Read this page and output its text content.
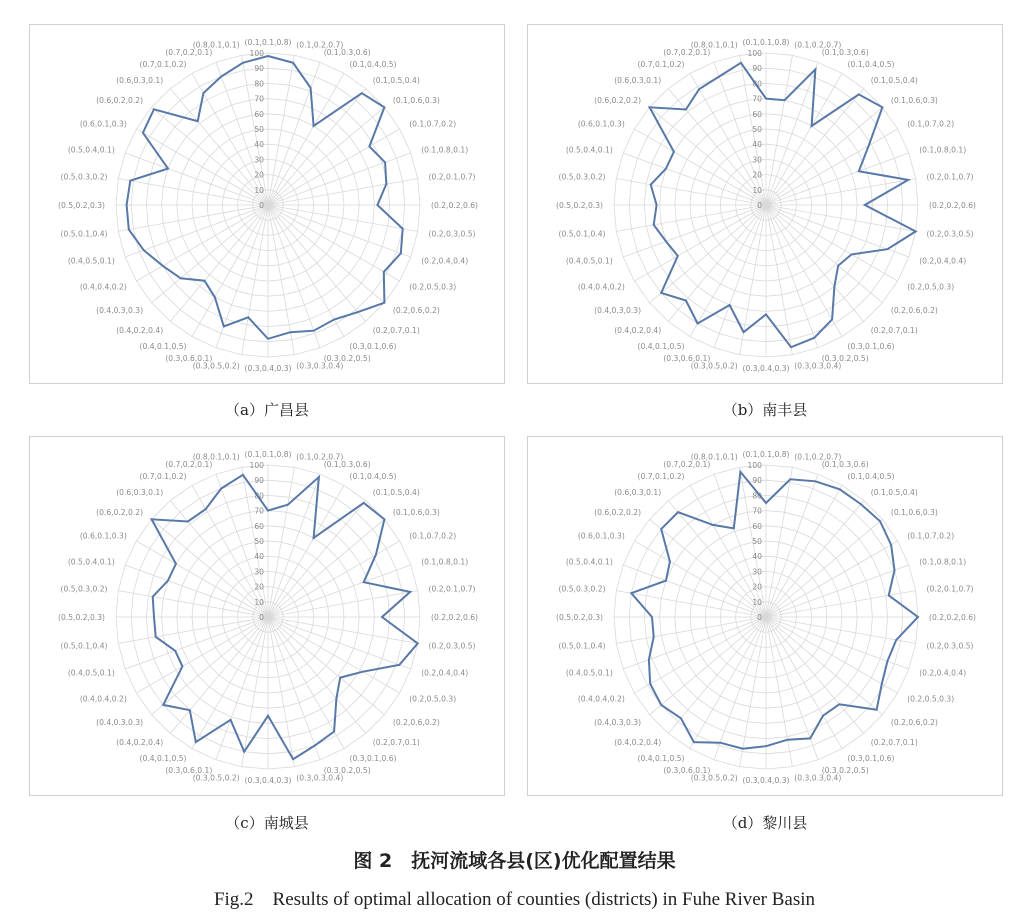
0
10
20
30
40
50
60
70
80
90
100
(0.1,0.1,0.8) (0.1,0.2,0.7)
(0.1,0.3,0.6)
(0.1,0.4,0.5)
(0.1,0.5,0.4)
(0.1,0.6,0.3)
(0.1,0.7,0.2)
(0.1,0.8,0.1)
(0.2,0.1,0.7)
(0.2,0.2,0.6)
(0.2,0.3,0.5)
(0.2,0.4,0.4)
(0.2,0.5,0.3)
(0.2,0.6,0.2)
(0.2,0.7,0.1)
(0.3,0.1,0.6)
(0.3,0.2,0.5)
(0.3,0.3,0.4)
(0.3,0.4,0.3)
(0.3,0.5,0.2)
(0.3,0.6,0.1)
(0.4,0.1,0.5)
(0.4,0.2,0.4)
(0.4,0.3,0.3)
(0.4,0.4,0.2)
(0.4,0.5,0.1)
(0.5,0.1,0.4)
(0.5,0.2,0.3)
(0.5,0.3,0.2)
(0.5,0.4,0.1)
(0.6,0.1,0.3)
(0.6,0.2,0.2)
(0.6,0.3,0.1)
(0.7,0.1,0.2)
(0.7,0.2,0.1)
(0.8,0.1,0.1)
（a）广昌县
0
10
20
30
40
50
60
70
80
90
100
(0.1,0.1,0.8) (0.1,0.2,0.7)
(0.1,0.3,0.6)
(0.1,0.4,0.5)
(0.1,0.5,0.4)
(0.1,0.6,0.3)
(0.1,0.7,0.2)
(0.1,0.8,0.1)
(0.2,0.1,0.7)
(0.2,0.2,0.6)
(0.2,0.3,0.5)
(0.2,0.4,0.4)
(0.2,0.5,0.3)
(0.2,0.6,0.2)
(0.2,0.7,0.1)
(0.3,0.1,0.6)
(0.3,0.2,0.5)
(0.3,0.3,0.4)
(0.3,0.4,0.3)
(0.3,0.5,0.2)
(0.3,0.6,0.1)
(0.4,0.1,0.5)
(0.4,0.2,0.4)
(0.4,0.3,0.3)
(0.4,0.4,0.2)
(0.4,0.5,0.1)
(0.5,0.1,0.4)
(0.5,0.2,0.3)
(0.5,0.3,0.2)
(0.5,0.4,0.1)
(0.6,0.1,0.3)
(0.6,0.2,0.2)
(0.6,0.3,0.1)
(0.7,0.1,0.2)
(0.7,0.2,0.1)
(0.8,0.1,0.1)
（b）南丰县
0
10
20
30
40
50
60
70
80
90
100
(0.1,0.1,0.8) (0.1,0.2,0.7)
(0.1,0.3,0.6)
(0.1,0.4,0.5)
(0.1,0.5,0.4)
(0.1,0.6,0.3)
(0.1,0.7,0.2)
(0.1,0.8,0.1)
(0.2,0.1,0.7)
(0.2,0.2,0.6)
(0.2,0.3,0.5)
(0.2,0.4,0.4)
(0.2,0.5,0.3)
(0.2,0.6,0.2)
(0.2,0.7,0.1)
(0.3,0.1,0.6)
(0.3,0.2,0.5)
(0.3,0.3,0.4)
(0.3,0.4,0.3)
(0.3,0.5,0.2)
(0.3,0.6,0.1)
(0.4,0.1,0.5)
(0.4,0.2,0.4)
(0.4,0.3,0.3)
(0.4,0.4,0.2)
(0.4,0.5,0.1)
(0.5,0.1,0.4)
(0.5,0.2,0.3)
(0.5,0.3,0.2)
(0.5,0.4,0.1)
(0.6,0.1,0.3)
(0.6,0.2,0.2)
(0.6,0.3,0.1)
(0.7,0.1,0.2)
(0.7,0.2,0.1)
(0.8,0.1,0.1)
（c）南城县
0
10
20
30
40
50
60
70
80
90
100
(0.1,0.1,0.8) (0.1,0.2,0.7)
(0.1,0.3,0.6)
(0.1,0.4,0.5)
(0.1,0.5,0.4)
(0.1,0.6,0.3)
(0.1,0.7,0.2)
(0.1,0.8,0.1)
(0.2,0.1,0.7)
(0.2,0.2,0.6)
(0.2,0.3,0.5)
(0.2,0.4,0.4)
(0.2,0.5,0.3)
(0.2,0.6,0.2)
(0.2,0.7,0.1)
(0.3,0.1,0.6)
(0.3,0.2,0.5)
(0.3,0.3,0.4)
(0.3,0.4,0.3)
(0.3,0.5,0.2)
(0.3,0.6,0.1)
(0.4,0.1,0.5)
(0.4,0.2,0.4)
(0.4,0.3,0.3)
(0.4,0.4,0.2)
(0.4,0.5,0.1)
(0.5,0.1,0.4)
(0.5,0.2,0.3)
(0.5,0.3,0.2)
(0.5,0.4,0.1)
(0.6,0.1,0.3)
(0.6,0.2,0.2)
(0.6,0.3,0.1)
(0.7,0.1,0.2)
(0.7,0.2,0.1)
(0.8,0.1,0.1)
（d）黎川县
图 2　抚河流域各县(区)优化配置结果
Fig.2　Results of optimal allocation of counties (districts) in Fuhe River Basin
